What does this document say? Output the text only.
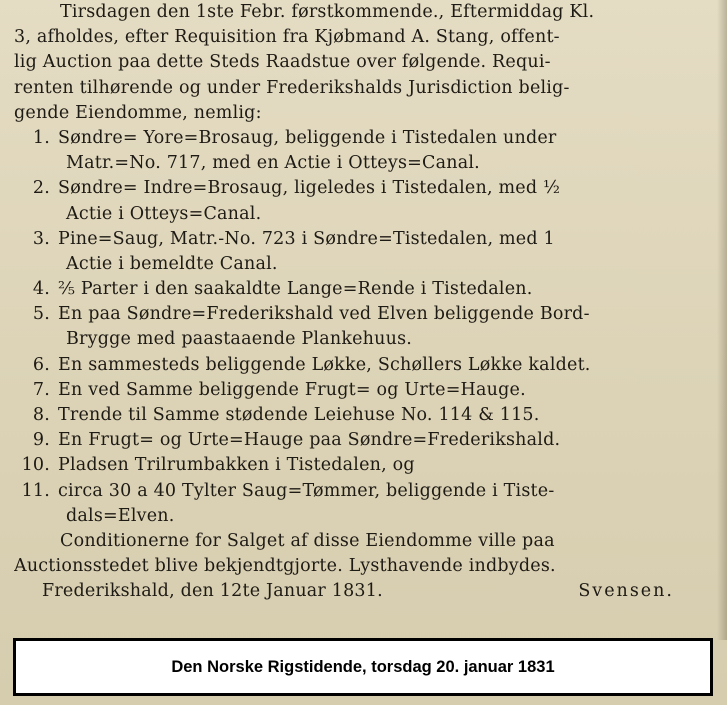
Tirsdagen den 1ste Febr. førstkommende., Eftermiddag Kl.
3, afholdes, efter Requisition fra Kjøbmand A. Stang, offent-
lig Auction paa dette Steds Raadstue over følgende. Requi-
renten tilhørende og under Frederikshalds Jurisdiction belig-
gende Eiendomme, nemlig:
1. Søndre= Yore=Brosaug, beliggende i Tistedalen under
Matr.=No. 717, med en Actie i Otteys=Canal.
2. Søndre= Indre=Brosaug, ligeledes i Tistedalen, med ½
Actie i Otteys=Canal.
3. Pine=Saug, Matr.-No. 723 i Søndre=Tistedalen, med 1
Actie i bemeldte Canal.
4. ⅖ Parter i den saakaldte Lange=Rende i Tistedalen.
5. En paa Søndre=Frederikshald ved Elven beliggende Bord-
Brygge med paastaaende Plankehuus.
6. En sammesteds beliggende Løkke, Schøllers Løkke kaldet.
7. En ved Samme beliggende Frugt= og Urte=Hauge.
8. Trende til Samme stødende Leiehuse No. 114 & 115.
9. En Frugt= og Urte=Hauge paa Søndre=Frederikshald.
10. Pladsen Trilrumbakken i Tistedalen, og
11. circa 30 a 40 Tylter Saug=Tømmer, beliggende i Tiste-
dals=Elven.
Conditionerne for Salget af disse Eiendomme ville paa
Auctionsstedet blive bekjendtgjorte. Lysthavende indbydes.
Frederikshald, den 12te Januar 1831.	Svensen.
Den Norske Rigstidende, torsdag 20. januar 1831
